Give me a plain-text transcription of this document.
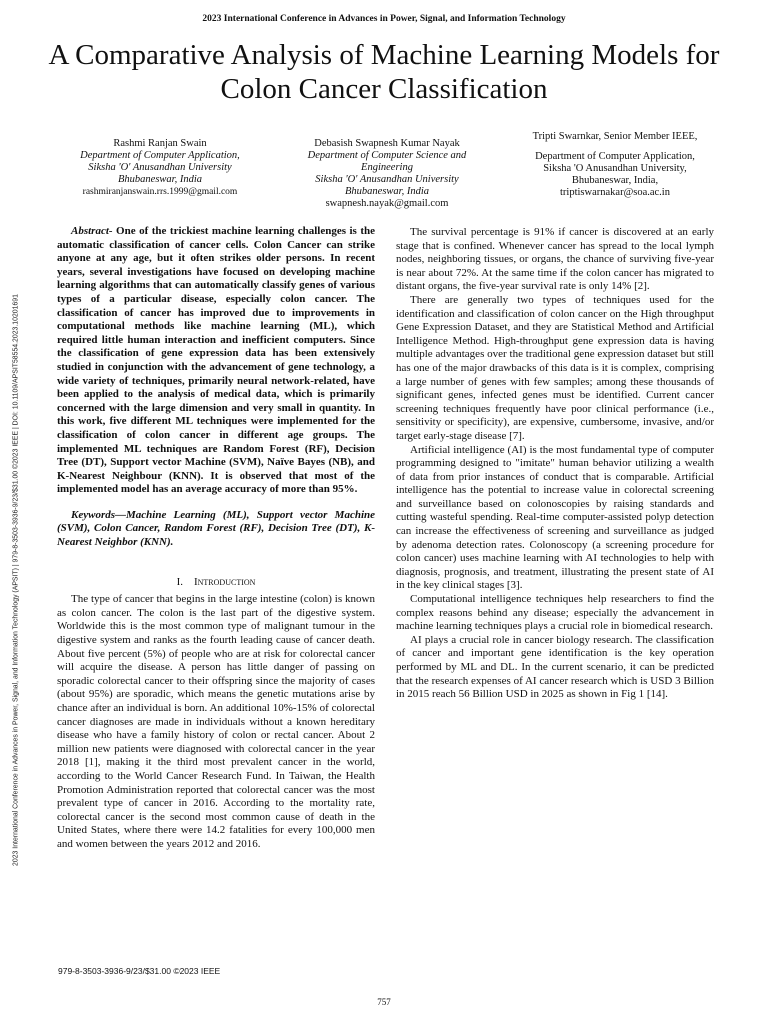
2023 International Conference in Advances in Power, Signal, and Information Technology
A Comparative Analysis of Machine Learning Models for Colon Cancer Classification
Rashmi Ranjan Swain
Department of Computer Application,
Siksha 'O' Anusandhan University
Bhubaneswar, India
rashmiranjanswain.rrs.1999@gmail.com
Debasish Swapnesh Kumar Nayak
Department of Computer Science and Engineering
Siksha 'O' Anusandhan University
Bhubaneswar, India
swapnesh.nayak@gmail.com
Tripti Swarnkar, Senior Member IEEE,
Department of Computer Application,
Siksha 'O Anusandhan University,
Bhubaneswar, India,
triptiswarnakar@soa.ac.in
2023 International Conference in Advances in Power, Signal, and Information Technology (APSIT) | 979-8-3503-3936-9/23/$31.00 ©2023 IEEE | DOI: 10.1109/APSIT58554.2023.10201691

Abstract- One of the trickiest machine learning challenges is the automatic classification of cancer cells. Colon Cancer can strike anyone at any age, but it often strikes older persons. In recent years, several investigations have focused on developing machine learning algorithms that can automatically classify genes of various types of a particular disease, especially colon cancer. The classification of cancer has improved due to improvements in computational methods like machine learning (ML), which required little human interaction and inefficient computers. Since the classification of gene expression data has been extensively studied in conjunction with the advancement of gene technology, a wide variety of techniques, primarily neural network-related, have been applied to the analysis of medical data, which is primarily concerned with the large dimension and very small in quantity. In this work, five different ML techniques were implemented for the classification of colon cancer in different age groups. The implemented ML techniques are Random Forest (RF), Decision Tree (DT), Support vector Machine (SVM), Naïve Bayes (NB), and K-Nearest Neighbour (KNN). It is observed that most of the implemented model has an average accuracy of more than 95%.

Keywords—Machine Learning (ML), Support vector Machine (SVM), Colon Cancer, Random Forest (RF), Decision Tree (DT), K-Nearest Neighbor (KNN).

I. Introduction

The type of cancer that begins in the large intestine (colon) is known as colon cancer. The colon is the last part of the digestive system. Worldwide this is the most common type of malignant tumour in the digestive system and ranks as the fourth leading cause of cancer death. About five percent (5%) of people who are at risk for colorectal cancer will acquire the disease. A person has little danger of passing on sporadic colorectal cancer to their offspring since the majority of cases (about 95%) are sporadic, which means the genetic mutations arise by chance after an individual is born. An additional 10%-15% of colorectal cancer diagnoses are made in individuals without a known hereditary disease who have a family history of colon or rectal cancer. About 2 million new patients were diagnosed with colorectal cancer in the year 2018 [1], making it the third most prevalent cancer in the world, according to the World Cancer Research Fund. In Taiwan, the Health Promotion Administration reported that colorectal cancer was the most prevalent type of cancer in 2016. According to the mortality rate, colorectal cancer is the second most common cause of death in the United States, where there were 14.2 fatalities for every 100,000 men and women between the years 2012 and 2016.

The survival percentage is 91% if cancer is discovered at an early stage that is confined. Whenever cancer has spread to the local lymph nodes, neighboring tissues, or organs, the chance of surviving five-year is near about 72%. At the same time if the colon cancer has migrated to distant organs, the five-year survival rate is only 14% [2].

There are generally two types of techniques used for the identification and classification of colon cancer on the High throughput Gene Expression Dataset, and they are Statistical Method and Artificial Intelligence Method. High-throughput gene expression data is having multiple advantages over the traditional gene expression dataset but still has one of the major drawbacks of this data is it is complex, comprising a large number of genes with few samples; among these thousands of significant genes, infected genes must be identified. Current cancer screening techniques frequently have poor clinical performance (i.e., sensitivity or specificity), are expensive, cumbersome, invasive, and/or target early-stage disease [7].

Artificial intelligence (AI) is the most fundamental type of computer programming designed to "imitate" human behavior utilizing a wealth of data from prior instances of conduct that is comparable. Artificial intelligence has the potential to increase value in colorectal screening and surveillance based on colonoscopies by raising standards and cutting wasteful spending. Real-time computer-assisted polyp detection can increase the effectiveness of screening and surveillance as judged by adenoma detection rates. Colonoscopy (a screening procedure for colon cancer) uses machine learning with AI technologies to help with diagnosis, prognosis, and treatment, illustrating the present state of AI in the key clinical stages [3].

Computational intelligence techniques help researchers to find the complex reasons behind any disease; especially the advancement in machine learning techniques plays a crucial role in biomedical research.

AI plays a crucial role in cancer biology research. The classification of cancer and important gene identification is the key operation performed by ML and DL. In the current scenario, it can be predicted that the research expenses of AI cancer research which is USD 3 Billion in 2015 reach 56 Billion USD in 2025 as shown in Fig 1 [14].

979-8-3503-3936-9/23/$31.00 ©2023 IEEE
757
